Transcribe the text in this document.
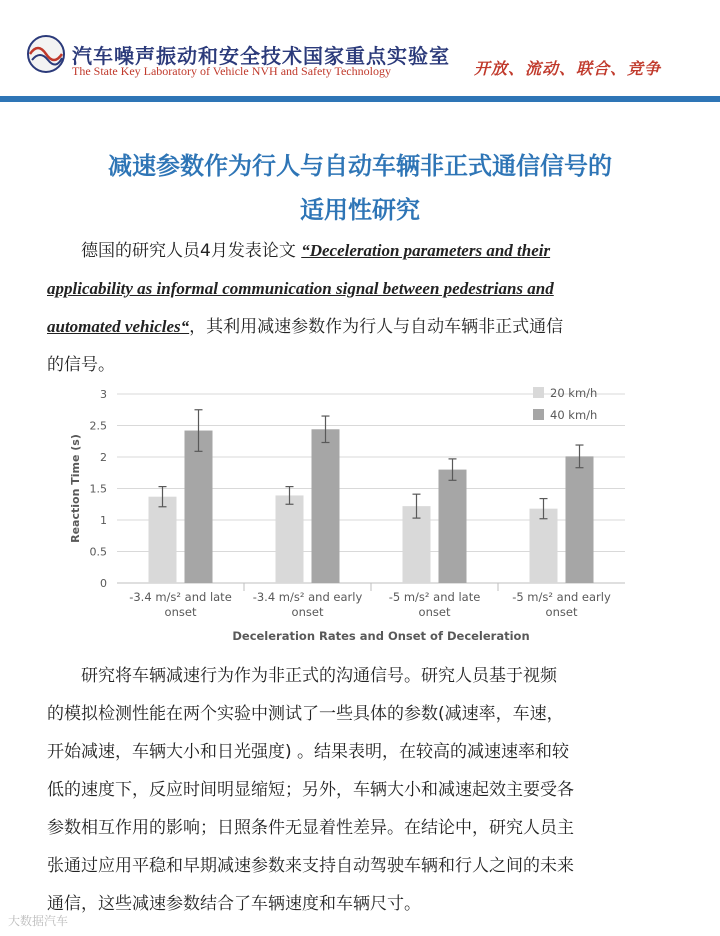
汽车噪声振动和安全技术国家重点实验室
The State Key Laboratory of Vehicle NVH and Safety Technology	开放、流动、联合、竞争
减速参数作为行人与自动车辆非正式通信信号的
适用性研究
德国的研究人员4月发表论文 “Deceleration parameters and their
applicability as informal communication signal between pedestrians and
automated vehicles“，其利用减速参数作为行人与自动车辆非正式通信
的信号。
0
0.5
1
1.5
2
2.5
3
-3.4 m/s² and late
onset
-3.4 m/s² and early
onset
-5 m/s² and late
onset
-5 m/s² and early
onset
Deceleration Rates and Onset of Deceleration
Reaction Time (s)
20 km/h
40 km/h
研究将车辆减速行为作为非正式的沟通信号。研究人员基于视频
的模拟检测性能在两个实验中测试了一些具体的参数(减速率，车速，
开始减速，车辆大小和日光强度) 。结果表明，在较高的减速速率和较
低的速度下，反应时间明显缩短；另外，车辆大小和减速起效主要受各
参数相互作用的影响；日照条件无显着性差异。在结论中，研究人员主
张通过应用平稳和早期减速参数来支持自动驾驶车辆和行人之间的未来
通信，这些减速参数结合了车辆速度和车辆尺寸。
大数据汽车
